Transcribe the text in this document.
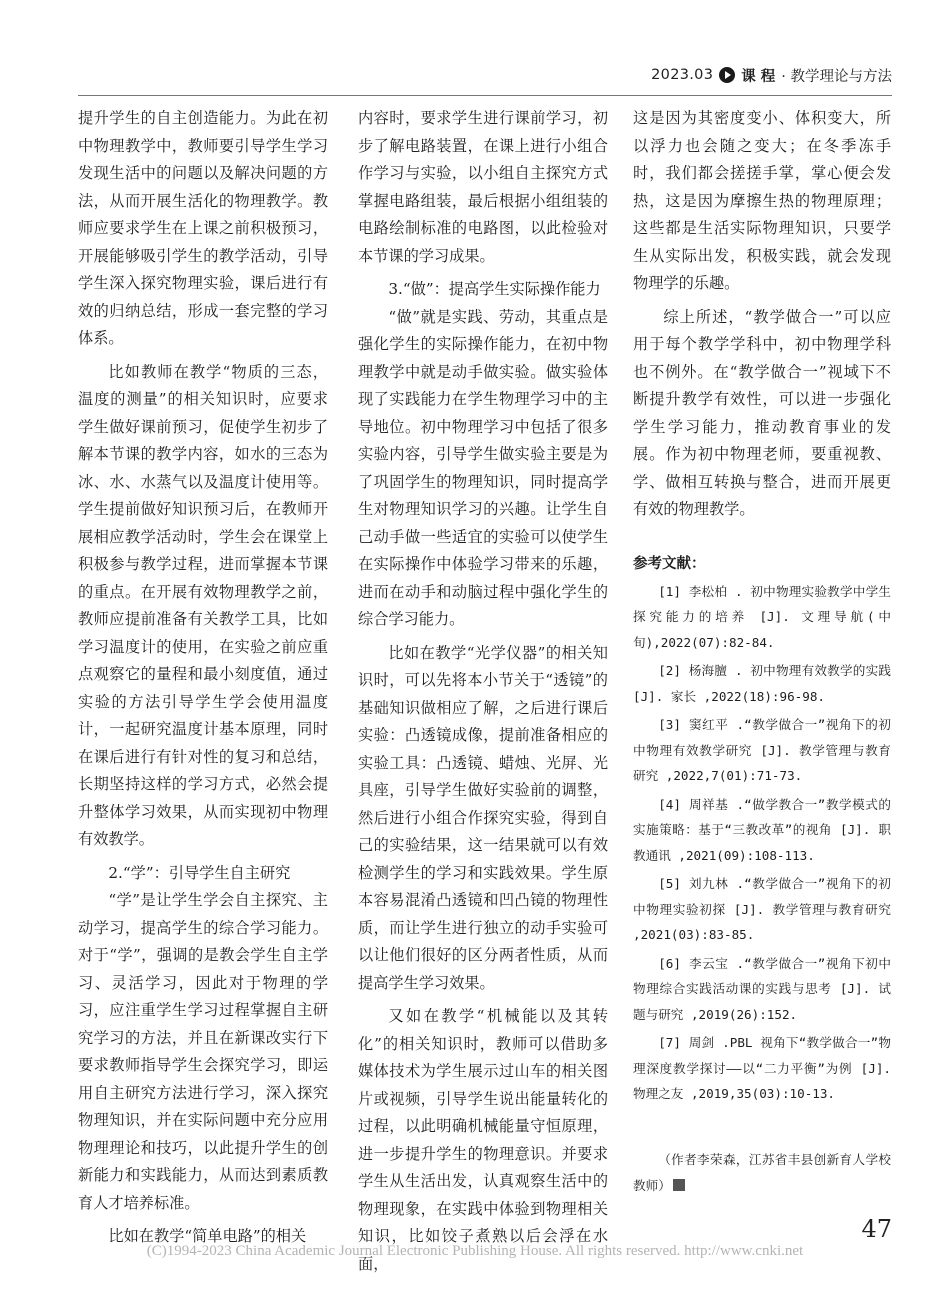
2023.03 课 程 · 教学理论与方法

提升学生的自主创造能力。为此在初中物理教学中，教师要引导学生学习发现生活中的问题以及解决问题的方法，从而开展生活化的物理教学。教师应要求学生在上课之前积极预习，开展能够吸引学生的教学活动，引导学生深入探究物理实验，课后进行有效的归纳总结，形成一套完整的学习体系。

比如教师在教学“物质的三态，温度的测量”的相关知识时，应要求学生做好课前预习，促使学生初步了解本节课的教学内容，如水的三态为冰、水、水蒸气以及温度计使用等。学生提前做好知识预习后，在教师开展相应教学活动时，学生会在课堂上积极参与教学过程，进而掌握本节课的重点。在开展有效物理教学之前，教师应提前准备有关教学工具，比如学习温度计的使用，在实验之前应重点观察它的量程和最小刻度值，通过实验的方法引导学生学会使用温度计，一起研究温度计基本原理，同时在课后进行有针对性的复习和总结，长期坚持这样的学习方式，必然会提升整体学习效果，从而实现初中物理有效教学。

2.“学”：引导学生自主研究

“学”是让学生学会自主探究、主动学习，提高学生的综合学习能力。对于“学”，强调的是教会学生自主学习、灵活学习，因此对于物理的学习，应注重学生学习过程掌握自主研究学习的方法，并且在新课改实行下要求教师指导学生会探究学习，即运用自主研究方法进行学习，深入探究物理知识，并在实际问题中充分应用物理理论和技巧，以此提升学生的创新能力和实践能力，从而达到素质教育人才培养标准。

比如在教学“简单电路”的相关

内容时，要求学生进行课前学习，初步了解电路装置，在课上进行小组合作学习与实验，以小组自主探究方式掌握电路组装，最后根据小组组装的电路绘制标准的电路图，以此检验对本节课的学习成果。

3.“做”：提高学生实际操作能力

“做”就是实践、劳动，其重点是强化学生的实际操作能力，在初中物理教学中就是动手做实验。做实验体现了实践能力在学生物理学习中的主导地位。初中物理学习中包括了很多实验内容，引导学生做实验主要是为了巩固学生的物理知识，同时提高学生对物理知识学习的兴趣。让学生自己动手做一些适宜的实验可以使学生在实际操作中体验学习带来的乐趣，进而在动手和动脑过程中强化学生的综合学习能力。

比如在教学“光学仪器”的相关知识时，可以先将本小节关于“透镜”的基础知识做相应了解，之后进行课后实验：凸透镜成像，提前准备相应的实验工具：凸透镜、蜡烛、光屏、光具座，引导学生做好实验前的调整，然后进行小组合作探究实验，得到自己的实验结果，这一结果就可以有效检测学生的学习和实践效果。学生原本容易混淆凸透镜和凹凸镜的物理性质，而让学生进行独立的动手实验可以让他们很好的区分两者性质，从而提高学生学习效果。

又如在教学“机械能以及其转化”的相关知识时，教师可以借助多媒体技术为学生展示过山车的相关图片或视频，引导学生说出能量转化的过程，以此明确机械能量守恒原理，进一步提升学生的物理意识。并要求学生从生活出发，认真观察生活中的物理现象，在实践中体验到物理相关知识，比如饺子煮熟以后会浮在水面，

这是因为其密度变小、体积变大，所以浮力也会随之变大；在冬季冻手时，我们都会搓搓手掌，掌心便会发热，这是因为摩擦生热的物理原理；这些都是生活实际物理知识，只要学生从实际出发，积极实践，就会发现物理学的乐趣。

综上所述，“教学做合一”可以应用于每个教学学科中，初中物理学科也不例外。在“教学做合一”视域下不断提升教学有效性，可以进一步强化学生学习能力，推动教育事业的发展。作为初中物理老师，要重视教、学、做相互转换与整合，进而开展更有效的物理教学。

参考文献：

[1] 李松柏 . 初中物理实验教学中学生探究能力的培养 [J]. 文理导航(中旬),2022(07):82-84.

[2] 杨海膻 . 初中物理有效教学的实践 [J]. 家长 ,2022(18):96-98.

[3] 窦红平 .“教学做合一”视角下的初中物理有效教学研究 [J]. 教学管理与教育研究 ,2022,7(01):71-73.

[4] 周祥基 .“做学教合一”教学模式的实施策略：基于“三教改革”的视角 [J]. 职教通讯 ,2021(09):108-113.

[5] 刘九林 .“教学做合一”视角下的初中物理实验初探 [J]. 教学管理与教育研究 ,2021(03):83-85.

[6] 李云宝 .“教学做合一”视角下初中物理综合实践活动课的实践与思考 [J]. 试题与研究 ,2019(26):152.

[7] 周剑 .PBL 视角下“教学做合一”物理深度教学探讨——以“二力平衡”为例 [J]. 物理之友 ,2019,35(03):10-13.

（作者李荣森，江苏省丰县创新育人学校教师）

47
(C)1994-2023 China Academic Journal Electronic Publishing House. All rights reserved. http://www.cnki.net
